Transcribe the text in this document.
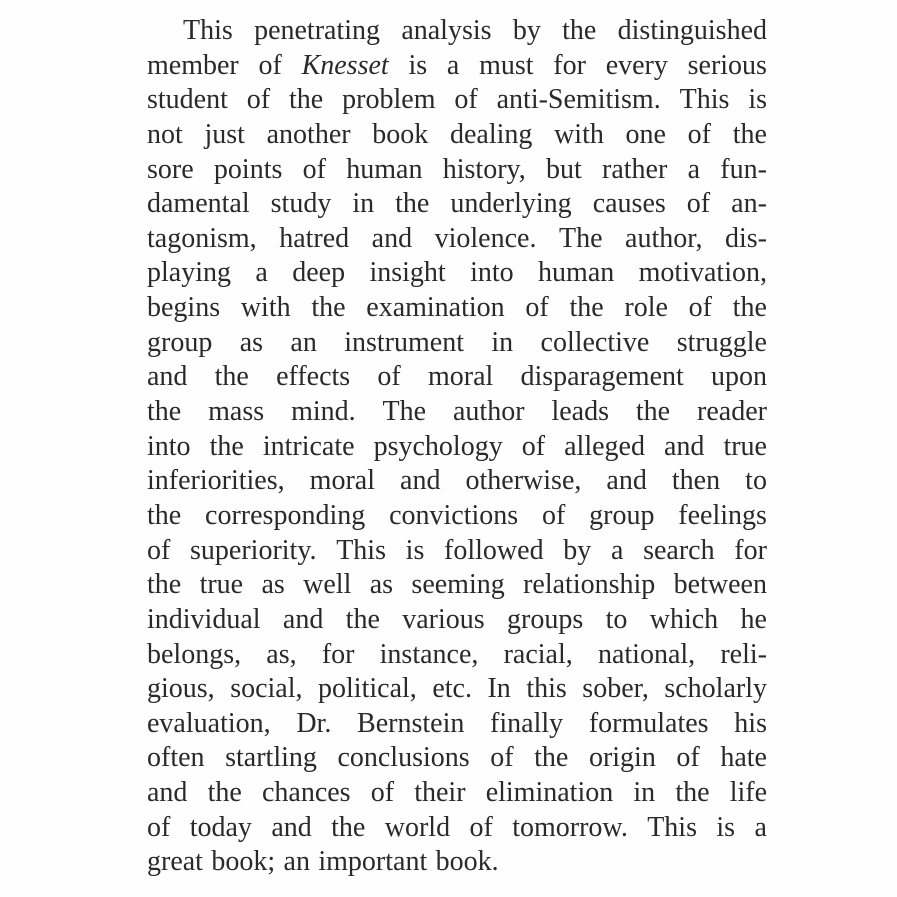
This penetrating analysis by the distinguished
member of Knesset is a must for every serious
student of the problem of anti-Semitism. This is
not just another book dealing with one of the
sore points of human history, but rather a fun-
damental study in the underlying causes of an-
tagonism, hatred and violence. The author, dis-
playing a deep insight into human motivation,
begins with the examination of the role of the
group as an instrument in collective struggle
and the effects of moral disparagement upon
the mass mind. The author leads the reader
into the intricate psychology of alleged and true
inferiorities, moral and otherwise, and then to
the corresponding convictions of group feelings
of superiority. This is followed by a search for
the true as well as seeming relationship between
individual and the various groups to which he
belongs, as, for instance, racial, national, reli-
gious, social, political, etc. In this sober, scholarly
evaluation, Dr. Bernstein finally formulates his
often startling conclusions of the origin of hate
and the chances of their elimination in the life
of today and the world of tomorrow. This is a
great book; an important book.
